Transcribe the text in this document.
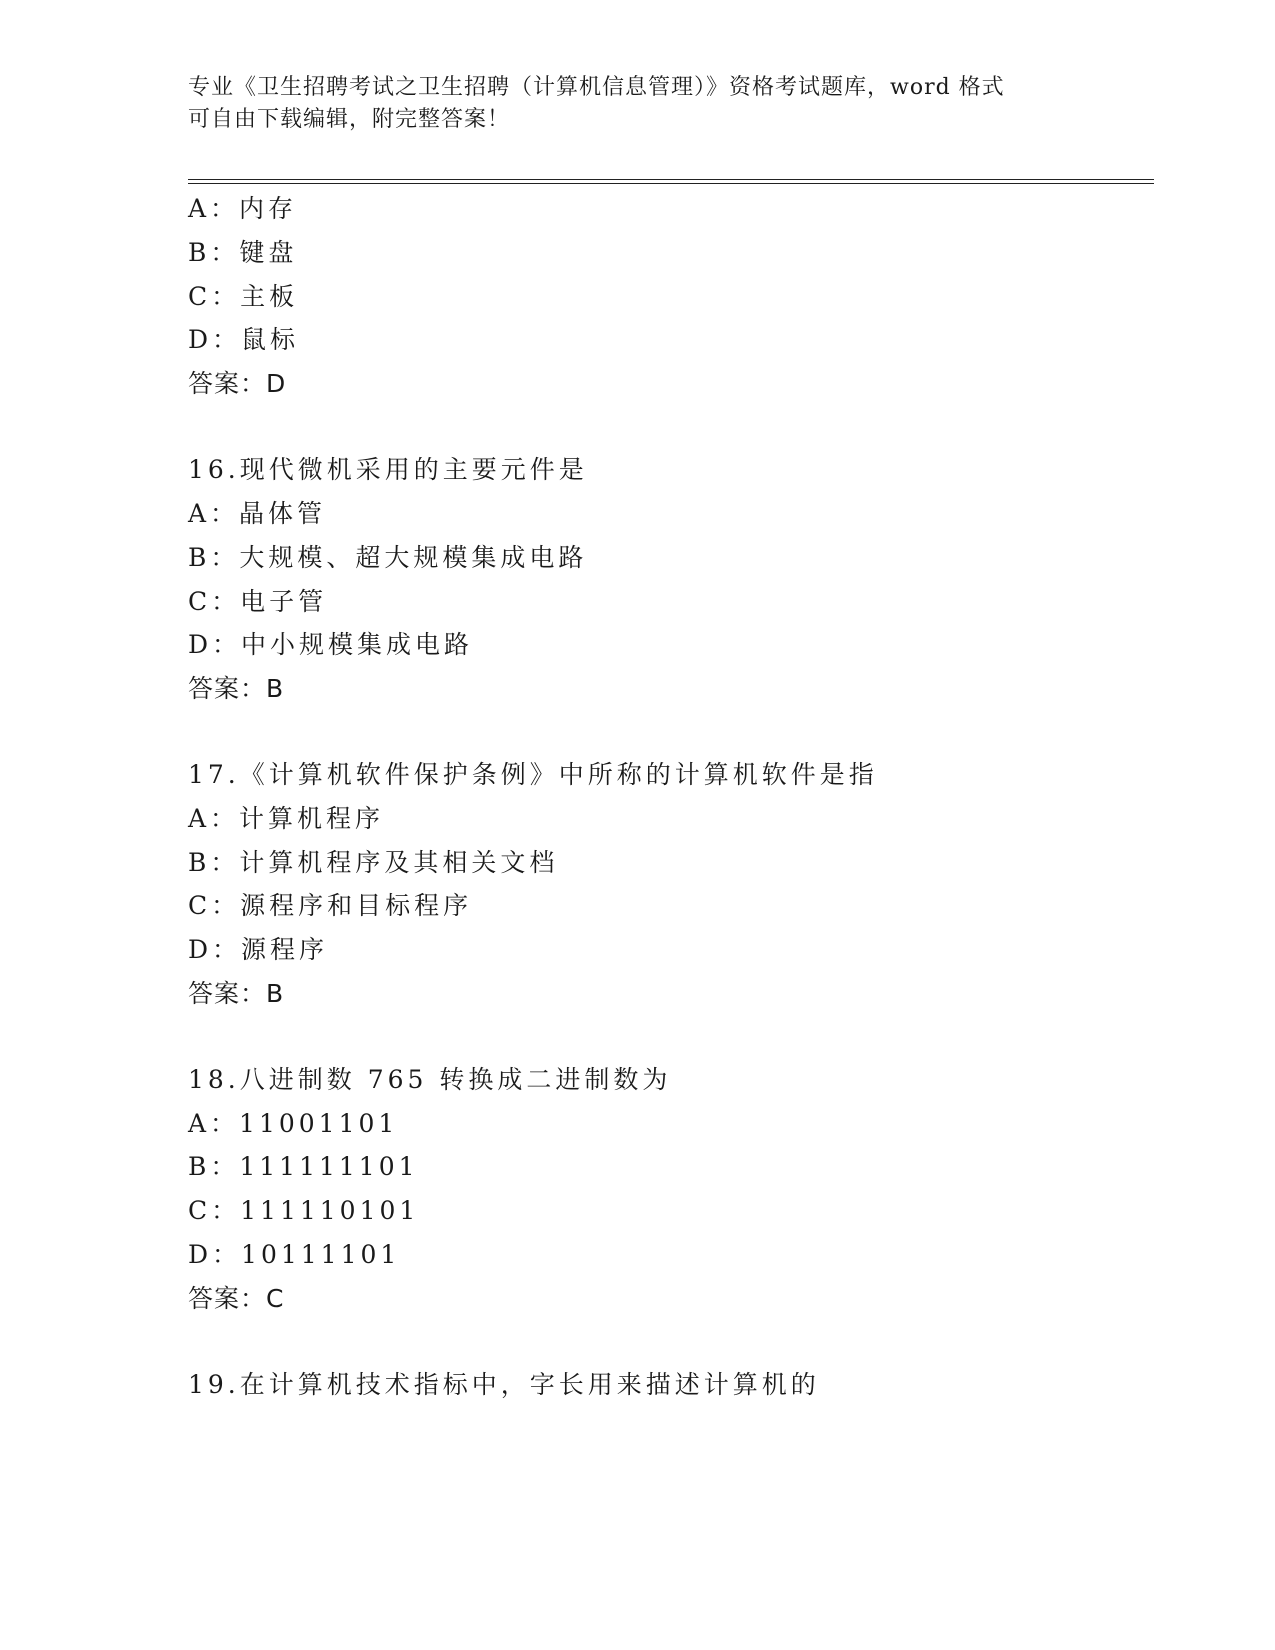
专业《卫生招聘考试之卫生招聘（计算机信息管理）》资格考试题库，word 格式
可自由下载编辑，附完整答案！
A：内存
B：键盘
C：主板
D：鼠标
答案：D
16.现代微机采用的主要元件是
A：晶体管
B：大规模、超大规模集成电路
C：电子管
D：中小规模集成电路
答案：B
17.《计算机软件保护条例》中所称的计算机软件是指
A：计算机程序
B：计算机程序及其相关文档
C：源程序和目标程序
D：源程序
答案：B
18.八进制数 765 转换成二进制数为
A：11001101
B：111111101
C：111110101
D：10111101
答案：C
19.在计算机技术指标中，字长用来描述计算机的
